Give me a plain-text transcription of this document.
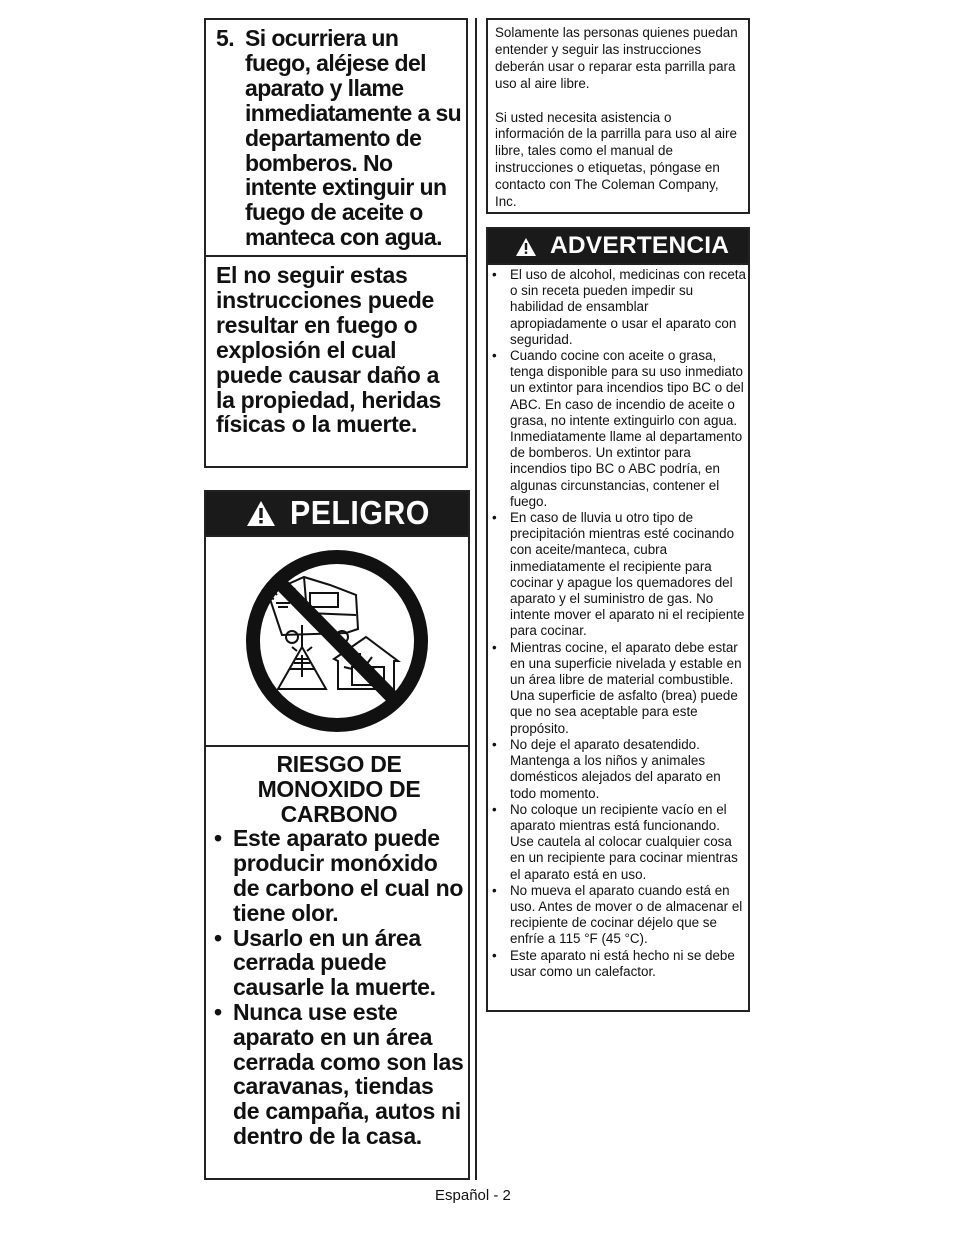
5. Si ocurriera un fuego, aléjese del aparato y llame inmediatamente a su departamento de bomberos. No intente extinguir un fuego de aceite o manteca con agua.
El no seguir estas instrucciones puede resultar en fuego o explosión el cual puede causar daño a la propiedad, heridas físicas o la muerte.
PELIGRO
RIESGO DE MONOXIDO DE CARBONO
• Este aparato puede producir monóxido de carbono el cual no tiene olor.
• Usarlo en un área cerrada puede causarle la muerte.
• Nunca use este aparato en un área cerrada como son las caravanas, tiendas de campaña, autos ni dentro de la casa.

Solamente las personas quienes puedan entender y seguir las instrucciones deberán usar o reparar esta parrilla para uso al aire libre.

Si usted necesita asistencia o información de la parrilla para uso al aire libre, tales como el manual de instrucciones o etiquetas, póngase en contacto con The Coleman Company, Inc.

ADVERTENCIA
• El uso de alcohol, medicinas con receta o sin receta pueden impedir su habilidad de ensamblar apropiadamente o usar el aparato con seguridad.
• Cuando cocine con aceite o grasa, tenga disponible para su uso inmediato un extintor para incendios tipo BC o del ABC. En caso de incendio de aceite o grasa, no intente extinguirlo con agua. Inmediatamente llame al departamento de bomberos. Un extintor para incendios tipo BC o ABC podría, en algunas circunstancias, contener el fuego.
• En caso de lluvia u otro tipo de precipitación mientras esté cocinando con aceite/manteca, cubra inmediatamente el recipiente para cocinar y apague los quemadores del aparato y el suministro de gas. No intente mover el aparato ni el recipiente para cocinar.
• Mientras cocine, el aparato debe estar en una superficie nivelada y estable en un área libre de material combustible. Una superficie de asfalto (brea) puede que no sea aceptable para este propósito.
• No deje el aparato desatendido. Mantenga a los niños y animales domésticos alejados del aparato en todo momento.
• No coloque un recipiente vacío en el aparato mientras está funcionando. Use cautela al colocar cualquier cosa en un recipiente para cocinar mientras el aparato está en uso.
• No mueva el aparato cuando está en uso. Antes de mover o de almacenar el recipiente de cocinar déjelo que se enfríe a 115 °F (45 °C).
• Este aparato ni está hecho ni se debe usar como un calefactor.
Español - 2
